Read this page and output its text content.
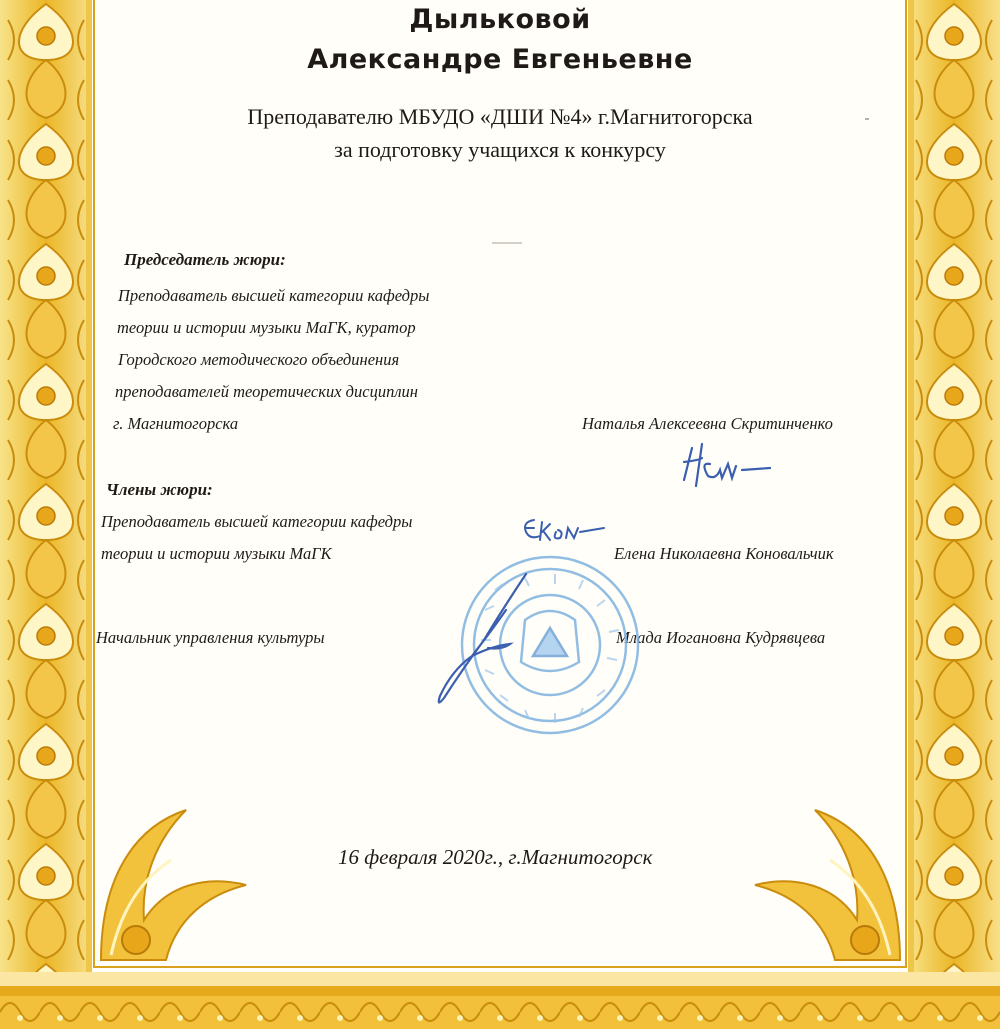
Дыльковой
Александре Евгеньевне
Преподавателю МБУДО «ДШИ №4» г.Магнитогорска
за подготовку учащихся к конкурсу
Председатель жюри:
Преподаватель высшей категории кафедры
теории и истории музыки МаГК, куратор
Городского методического объединения
преподавателей теоретических дисциплин
г. Магнитогорска	Наталья Алексеевна Скритинченко
Члены жюри:
Преподаватель высшей категории кафедры
теории и истории музыки МаГК	Елена Николаевна Коновальчик
Начальник управления культуры	Млада Иогановна Кудрявцева
16 февраля 2020г., г.Магнитогорск
